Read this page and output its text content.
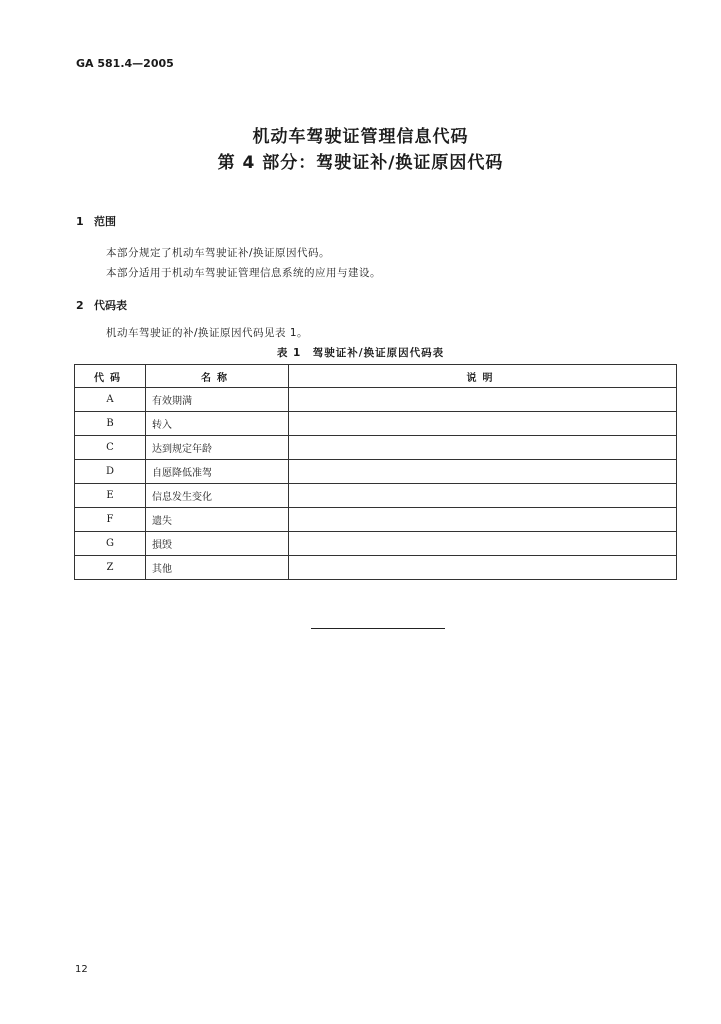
GA 581.4—2005
机动车驾驶证管理信息代码
第 4 部分：驾驶证补/换证原因代码
1 范围
本部分规定了机动车驾驶证补/换证原因代码。
本部分适用于机动车驾驶证管理信息系统的应用与建设。
2 代码表
机动车驾驶证的补/换证原因代码见表 1。
表 1　驾驶证补/换证原因代码表
代码	名称	说明
A	有效期满	
B	转入	
C	达到规定年龄	
D	自愿降低准驾	
E	信息发生变化	
F	遗失	
G	損毁	
Z	其他	
12
